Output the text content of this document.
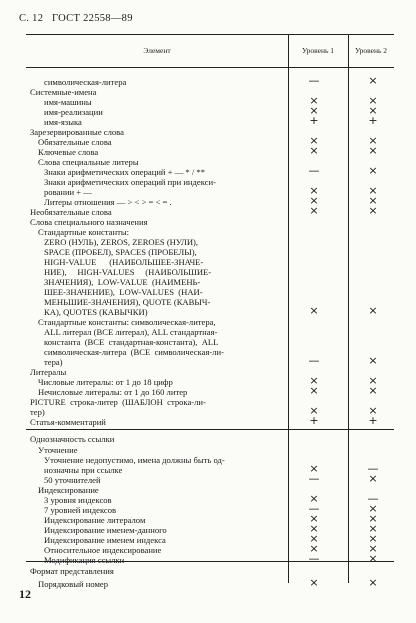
С. 12 ГОСТ 22558—89
Элемент	Уровень 1	Уровень 2
символическая-литера	—	×
Системные-имена
имя-машины	×	×
имя-реализации	×	×
имя-языка	+	+
Зарезервированные слова
Обязательные слова	×	×
Ключевые слова	×	×
Слова специальные литеры
Знаки арифметических операций + — * / **	—	×
Знаки арифметических операций при индекси-
ровании + —	×	×
Литеры отношения — > < > = < = .	×	×
Необязательные слова	×	×
Слова специального назначения
Стандартные константы:
ZERO (НУЛЬ), ZEROS, ZEROES (НУЛИ),
SPACE (ПРОБЕЛ), SPACES (ПРОБЕЛЫ),
HIGH-VALUE      (НАИБОЛЬШЕЕ-ЗНАЧЕ-
НИЕ),     HIGH-VALUES     (НАИБОЛЬШИЕ-
ЗНАЧЕНИЯ),  LOW-VALUE  (НАИМЕНЬ-
ШЕЕ-ЗНАЧЕНИЕ),  LOW-VALUES  (НАИ-
МЕНЬШИЕ-ЗНАЧЕНИЯ), QUOTE (КАВЫЧ-
КА), QUOTES (КАВЫЧКИ)	×	×
Стандартные константы: символическая-литера,
ALL литерал (ВСЕ литерал), ALL стандартная-
константа  (ВСЕ  стандартная-константа),  ALL
символическая-литера  (ВСЕ  символическая-ли-
тера)	—	×
Литералы
Числовые литералы: от 1 до 18 цифр	×	×
Нечисловые литералы: от 1 до 160 литер	×	×
PICTURE  строка-литер  (ШАБЛОН  строка-ли-
тер)	×	×
Статья-комментарий	+	+
Однозначность ссылки
Уточнение
Уточнение недопустимо, имена должны быть од-
нозначны при ссылке	×	—
50 уточнителей	—	×
Индексирование
3 уровня индексов	×	—
7 уровней индексов	—	×
Индексирование литералом	×	×
Индексирование именем-данного	×	×
Индексирование именем индекса	×	×
Относительное индексирование	×	×
Модификация ссылки	—	×
Формат представления
Порядковый номер	×	×
12
